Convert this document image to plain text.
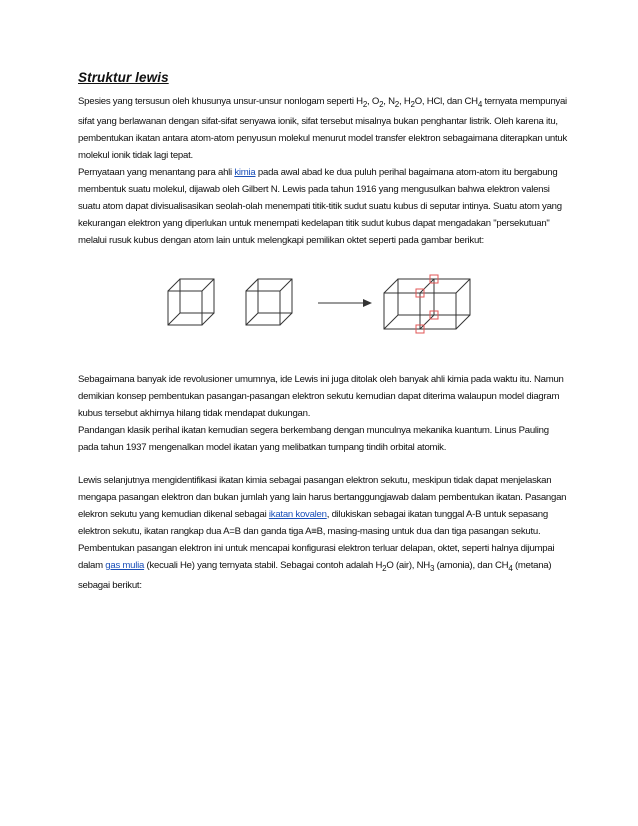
Struktur lewis

Spesies yang tersusun oleh khusunya unsur-unsur nonlogam seperti $H_2$, $O_2$, $N_2$, $H_2O$, HCl, dan $CH_4$ ternyata mempunyai sifat yang berlawanan dengan sifat-sifat senyawa ionik, sifat tersebut misalnya bukan penghantar listrik. Oleh karena itu, pembentukan ikatan antara atom-atom penyusun molekul menurut model transfer elektron sebagaimana diterapkan untuk molekul ionik tidak lagi tepat.

Pernyataan yang menantang para ahli kimia pada awal abad ke dua puluh perihal bagaimana atom-atom itu bergabung membentuk suatu molekul, dijawab oleh Gilbert N. Lewis pada tahun 1916 yang mengusulkan bahwa elektron valensi suatu atom dapat divisualisasikan seolah-olah menempati titik-titik sudut suatu kubus di seputar intinya. Suatu atom yang kekurangan elektron yang diperlukan untuk menempati kedelapan titik sudut kubus dapat mengadakan "persekutuan" melalui rusuk kubus dengan atom lain untuk melengkapi pemilikan oktet seperti pada gambar berikut:

Sebagaimana banyak ide revolusioner umumnya, ide Lewis ini juga ditolak oleh banyak ahli kimia pada waktu itu. Namun demikian konsep pembentukan pasangan-pasangan elektron sekutu kemudian dapat diterima walaupun model diagram kubus tersebut akhirnya hilang tidak mendapat dukungan.

Pandangan klasik perihal ikatan kemudian segera berkembang dengan munculnya mekanika kuantum. Linus Pauling pada tahun 1937 mengenalkan model ikatan yang melibatkan tumpang tindih orbital atomik.

Lewis selanjutnya mengidentifikasi ikatan kimia sebagai pasangan elektron sekutu, meskipun tidak dapat menjelaskan mengapa pasangan elektron dan bukan jumlah yang lain harus bertanggungjawab dalam pembentukan ikatan. Pasangan elekron sekutu yang kemudian dikenal sebagai ikatan kovalen, dilukiskan sebagai ikatan tunggal A-B untuk sepasang elektron sekutu, ikatan rangkap dua A=B dan ganda tiga A≡B, masing-masing untuk dua dan tiga pasangan sekutu. Pembentukan pasangan elektron ini untuk mencapai konfigurasi elektron terluar delapan, oktet, seperti halnya dijumpai dalam gas mulia (kecuali He) yang ternyata stabil. Sebagai contoh adalah $H_2O$ (air), $NH_3$ (amonia), dan $CH_4$ (metana) sebagai berikut:
